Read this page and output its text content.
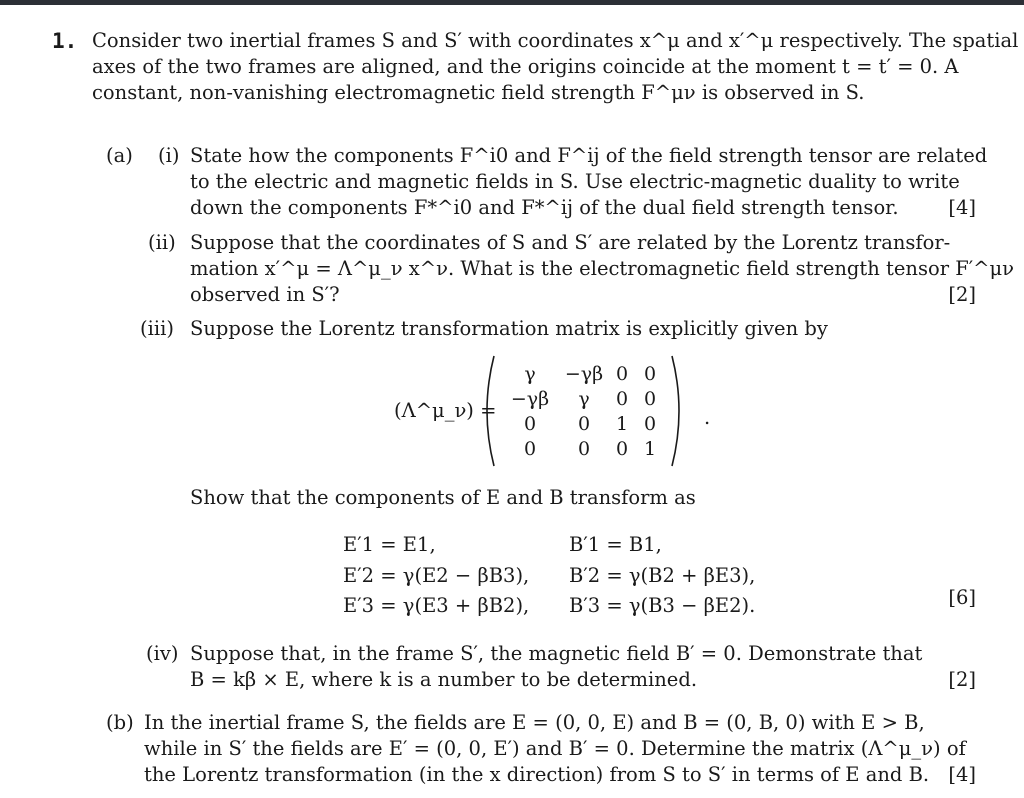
1. Consider two inertial frames S and S′ with coordinates x^μ and x′^μ respectively. The spatial
axes of the two frames are aligned, and the origins coincide at the moment t = t′ = 0. A
constant, non-vanishing electromagnetic field strength F^μν is observed in S.
(a) (i) State how the components F^i0 and F^ij of the field strength tensor are related
to the electric and magnetic fields in S. Use electric-magnetic duality to write
down the components F*^i0 and F*^ij of the dual field strength tensor.	[4]
(ii) Suppose that the coordinates of S and S′ are related by the Lorentz transfor-
mation x′^μ = Λ^μ_ν x^ν. What is the electromagnetic field strength tensor F′^μν
observed in S′?	[2]
(iii) Suppose the Lorentz transformation matrix is explicitly given by
(Λ^μ_ν) =
γ	−γβ 0 0
−γβ	γ	0 0
0	0	1 0
0	0	0 1
.
Show that the components of E and B transform as
E′1 = E1,
E′2 = γ(E2 − βB3),
E′3 = γ(E3 + βB2),
B′1 = B1,
B′2 = γ(B2 + βE3),
B′3 = γ(B3 − βE2).	[6]
(iv) Suppose that, in the frame S′, the magnetic field B′ = 0. Demonstrate that
B = kβ × E, where k is a number to be determined.	[2]
(b) In the inertial frame S, the fields are E = (0, 0, E) and B = (0, B, 0) with E > B,
while in S′ the fields are E′ = (0, 0, E′) and B′ = 0. Determine the matrix (Λ^μ_ν) of
the Lorentz transformation (in the x direction) from S to S′ in terms of E and B. [4]
